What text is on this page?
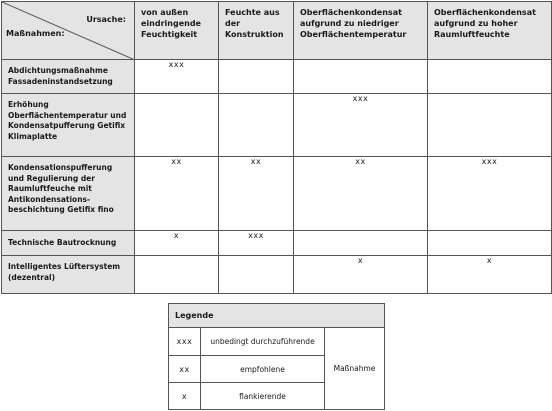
Ursache:
Maßnahmen:	von außen eindringende Feuchtigkeit	Feuchte aus der Konstruktion	Oberflächenkondensat aufgrund zu niedriger Oberflächentemperatur	Oberflächenkondensat aufgrund zu hoher Raumluftfeuchte

Abdichtungsmaßnahme Fassadeninstandsetzung	xxx			

Erhöhung Oberflächentemperatur und Kondensatpufferung Getifix Klimaplatte			xxx	

Kondensationspufferung und Regulierung der Raumluftfeuche mit Antikondensations-beschichtung Getifix fino	xx	xx	xx	xxx

Technische Bautrocknung	x	xxx		

Intelligentes Lüftersystem (dezentral)			x	x
Legende		
xxx	unbedingt durchzuführende	Maßnahme
xx	empfohlene	
x	flankierende	
